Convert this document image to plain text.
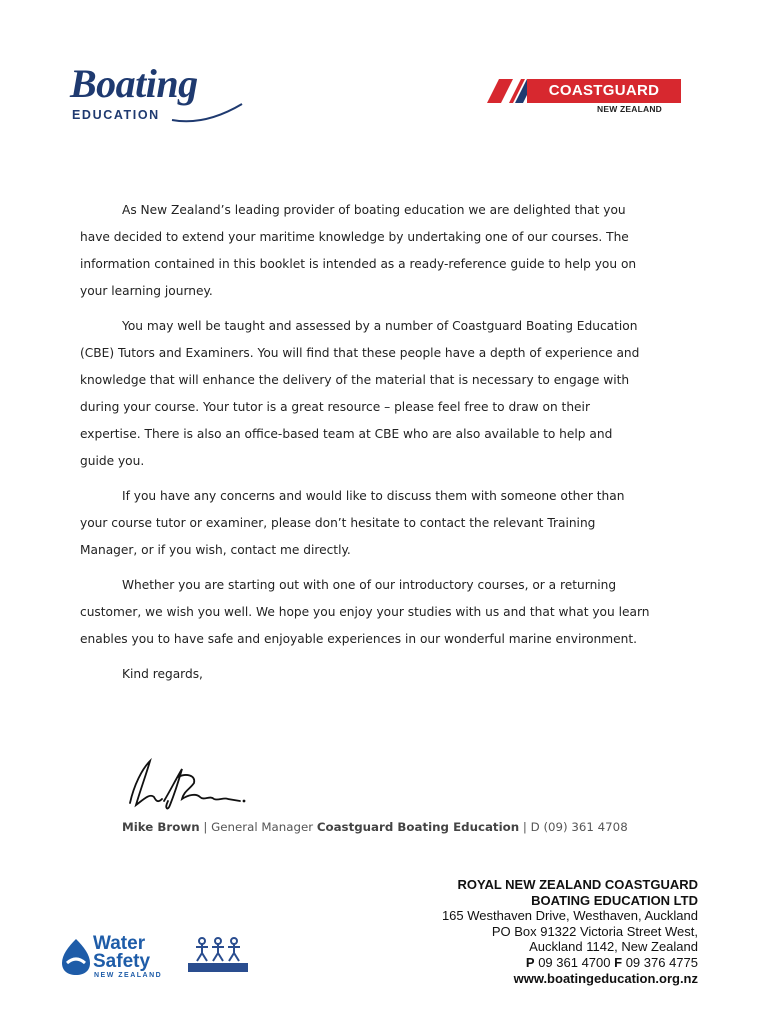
Boating
EDUCATION
COASTGUARD
NEW ZEALAND

As New Zealand’s leading provider of boating education we are delighted that you have decided to extend your maritime knowledge by undertaking one of our courses. The information contained in this booklet is intended as a ready-reference guide to help you on your learning journey.

You may well be taught and assessed by a number of Coastguard Boating Education (CBE) Tutors and Examiners. You will find that these people have a depth of experience and knowledge that will enhance the delivery of the material that is necessary to engage with during your course. Your tutor is a great resource – please feel free to draw on their expertise. There is also an office-based team at CBE who are also available to help and guide you.

If you have any concerns and would like to discuss them with someone other than your course tutor or examiner, please don’t hesitate to contact the relevant Training Manager, or if you wish, contact me directly.

Whether you are starting out with one of our introductory courses, or a returning customer, we wish you well. We hope you enjoy your studies with us and that what you learn enables you to have safe and enjoyable experiences in our wonderful marine environment.

Kind regards,

Mike Brown | General Manager Coastguard Boating Education | D (09) 361 4708
ROYAL NEW ZEALAND COASTGUARD
BOATING EDUCATION LTD
165 Westhaven Drive, Westhaven, Auckland
PO Box 91322 Victoria Street West,
Auckland 1142, New Zealand
P 09 361 4700 F 09 376 4775
www.boatingeducation.org.nz
Water
Safety
NEW ZEALAND
